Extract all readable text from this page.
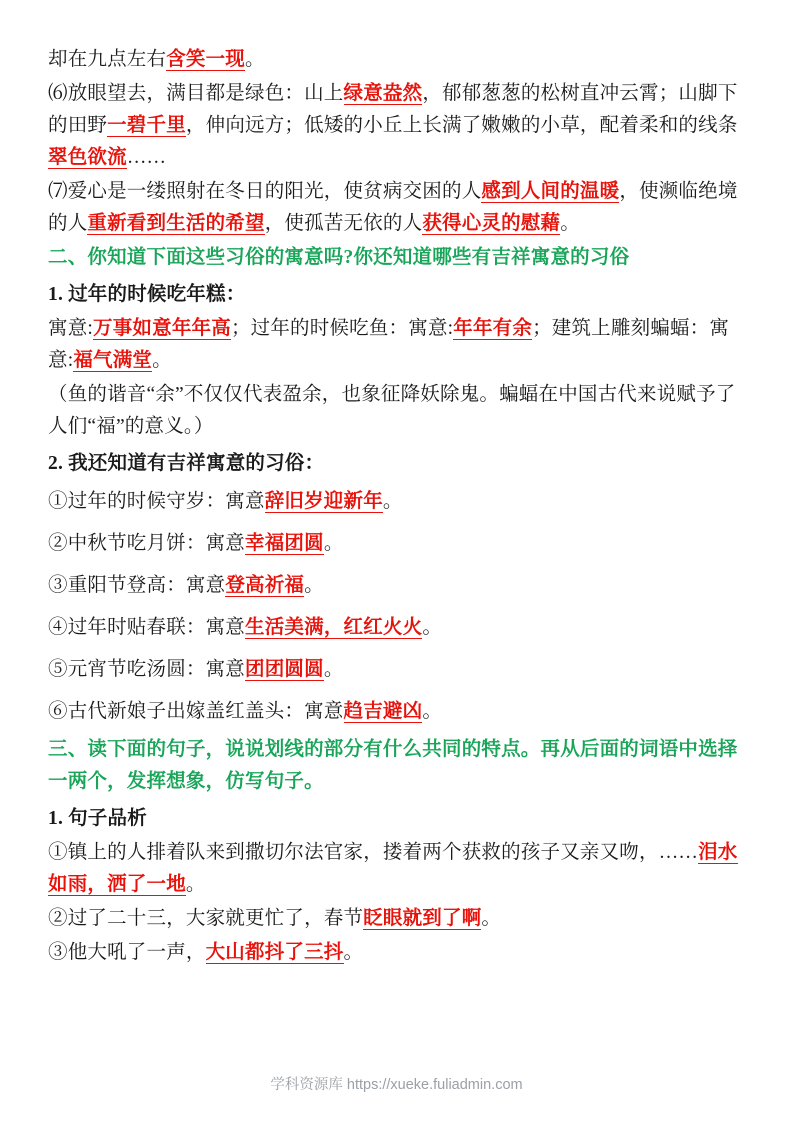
却在九点左右含笑一现。
⑹放眼望去，满目都是绿色：山上绿意盎然，郁郁葱葱的松树直冲云霄；山脚下的田野一碧千里，伸向远方；低矮的小丘上长满了嫩嫩的小草，配着柔和的线条翠色欲流……
⑺爱心是一缕照射在冬日的阳光，使贫病交困的人感到人间的温暖，使濒临绝境的人重新看到生活的希望，使孤苦无依的人获得心灵的慰藉。
二、你知道下面这些习俗的寓意吗?你还知道哪些有吉祥寓意的习俗
1. 过年的时候吃年糕：
寓意:万事如意年年高；过年的时候吃鱼：寓意:年年有余；建筑上雕刻蝙蝠：寓意:福气满堂。
（鱼的谐音“余”不仅仅代表盈余，也象征降妖除鬼。蝙蝠在中国古代来说赋予了人们“福”的意义。）
2. 我还知道有吉祥寓意的习俗：
①过年的时候守岁：寓意辞旧岁迎新年。
②中秋节吃月饼：寓意幸福团圆。
③重阳节登高：寓意登高祈福。
④过年时贴春联：寓意生活美满，红红火火。
⑤元宵节吃汤圆：寓意团团圆圆。
⑥古代新娘子出嫁盖红盖头：寓意趋吉避凶。
三、读下面的句子，说说划线的部分有什么共同的特点。再从后面的词语中选择一两个，发挥想象，仿写句子。
1. 句子品析
①镇上的人排着队来到撒切尔法官家，搂着两个获救的孩子又亲又吻，……泪水如雨，洒了一地。
②过了二十三，大家就更忙了，春节眨眼就到了啊。
③他大吼了一声，大山都抖了三抖。
学科资源库 https://xueke.fuliadmin.com
